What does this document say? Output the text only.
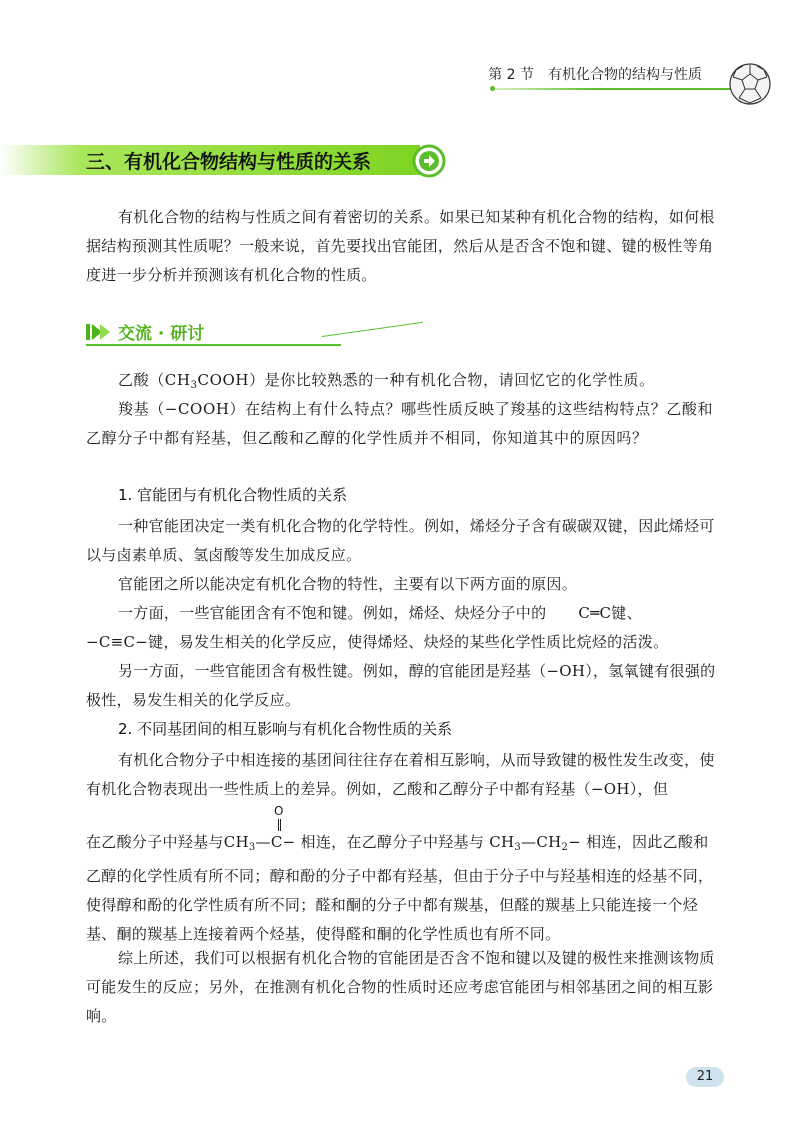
第 2 节 有机化合物的结构与性质
三、有机化合物结构与性质的关系

有机化合物的结构与性质之间有着密切的关系。如果已知某种有机化合物的结构，如何根据结构预测其性质呢？一般来说，首先要找出官能团，然后从是否含不饱和键、键的极性等角度进一步分析并预测该有机化合物的性质。

交流 · 研讨

乙酸$(CH_3COOH)$是你比较熟悉的一种有机化合物，请回忆它的化学性质。

羧基（−COOH）在结构上有什么特点？哪些性质反映了羧基的这些结构特点？乙酸和乙醇分子中都有羟基，但乙酸和乙醇的化学性质并不相同，你知道其中的原因吗？

1. 官能团与有机化合物性质的关系

一种官能团决定一类有机化合物的化学特性。例如，烯烃分子含有碳碳双键，因此烯烃可以与卤素单质、氢卤酸等发生加成反应。

官能团之所以能决定有机化合物的特性，主要有以下两方面的原因。

一方面，一些官能团含有不饱和键。例如，烯烃、炔烃分子中的 C═C键、−C≡C−键，易发生相关的化学反应，使得烯烃、炔烃的某些化学性质比烷烃的活泼。

另一方面，一些官能团含有极性键。例如，醇的官能团是羟基（−OH），氢氧键有很强的极性，易发生相关的化学反应。

2. 不同基团间的相互影响与有机化合物性质的关系

有机化合物分子中相连接的基团间往往存在着相互影响，从而导致键的极性发生改变，使有机化合物表现出一些性质上的差异。例如，乙酸和乙醇分子中都有羟基（−OH），但

O

在乙酸分子中羟基与$CH_3—C-$ 相连，在乙醇分子中羟基与 $CH_3—CH_2-$ 相连，因此乙酸和乙醇的化学性质有所不同；醇和酚的分子中都有羟基，但由于分子中与羟基相连的烃基不同，使得醇和酚的化学性质有所不同；醛和酮的分子中都有羰基，但醛的羰基上只能连接一个烃基、酮的羰基上连接着两个烃基，使得醛和酮的化学性质也有所不同。

综上所述，我们可以根据有机化合物的官能团是否含不饱和键以及键的极性来推测该物质可能发生的反应；另外，在推测有机化合物的性质时还应考虑官能团与相邻基团之间的相互影响。

21
